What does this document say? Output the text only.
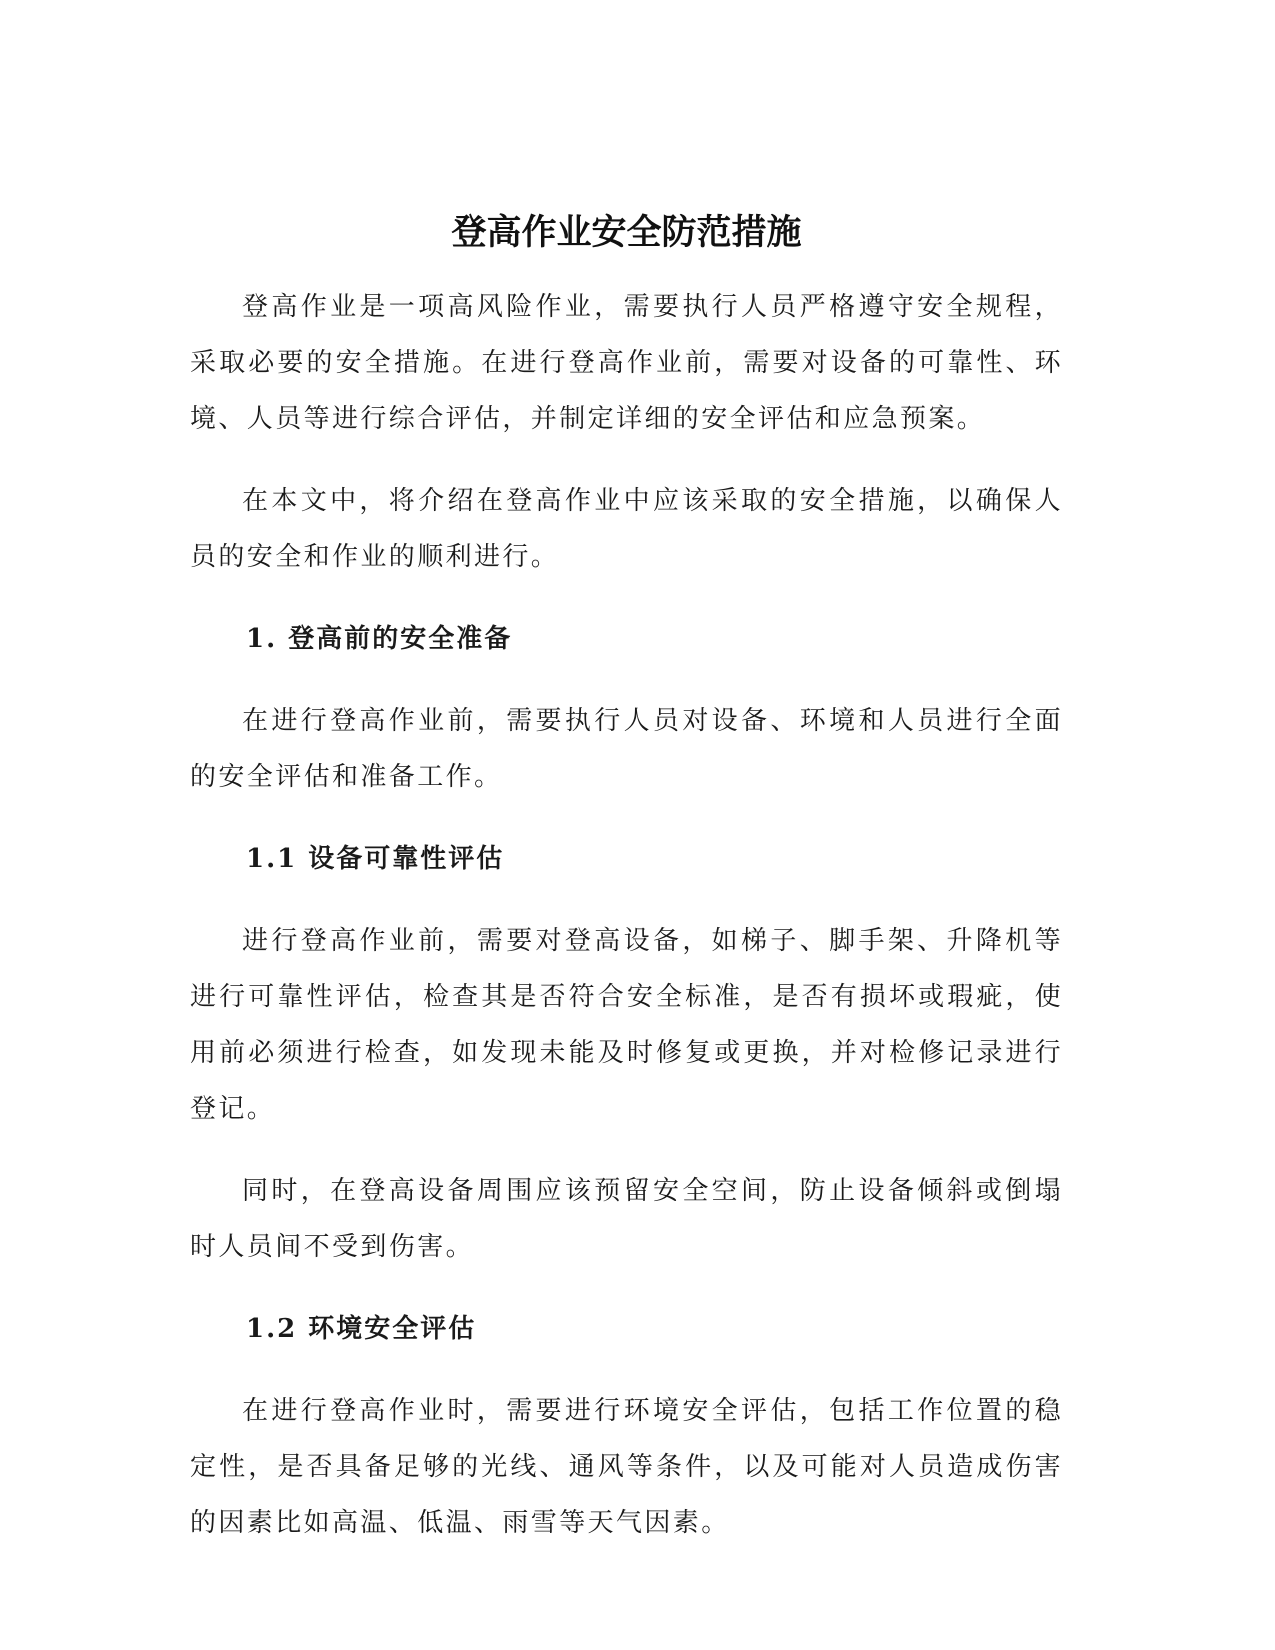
登高作业安全防范措施

登高作业是一项高风险作业，需要执行人员严格遵守安全规程，采取必要的安全措施。在进行登高作业前，需要对设备的可靠性、环境、人员等进行综合评估，并制定详细的安全评估和应急预案。

在本文中，将介绍在登高作业中应该采取的安全措施，以确保人员的安全和作业的顺利进行。

1. 登高前的安全准备

在进行登高作业前，需要执行人员对设备、环境和人员进行全面的安全评估和准备工作。

1.1 设备可靠性评估

进行登高作业前，需要对登高设备，如梯子、脚手架、升降机等进行可靠性评估，检查其是否符合安全标准，是否有损坏或瑕疵，使用前必须进行检查，如发现未能及时修复或更换，并对检修记录进行登记。

同时，在登高设备周围应该预留安全空间，防止设备倾斜或倒塌时人员间不受到伤害。

1.2 环境安全评估

在进行登高作业时，需要进行环境安全评估，包括工作位置的稳定性，是否具备足够的光线、通风等条件，以及可能对人员造成伤害的因素比如高温、低温、雨雪等天气因素。
